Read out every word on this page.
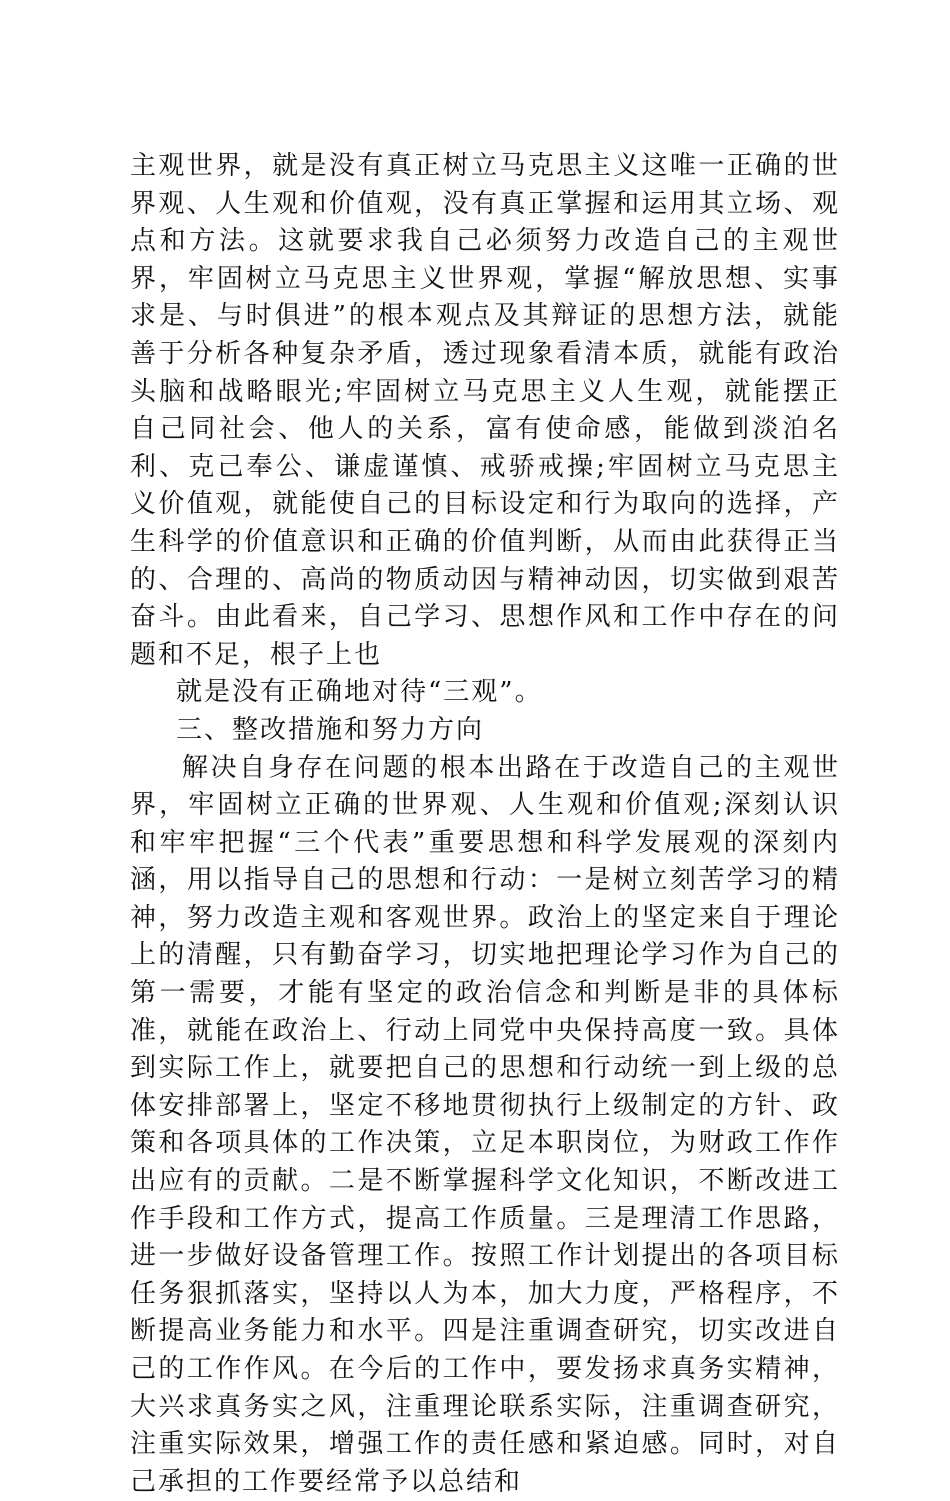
主观世界，就是没有真正树立马克思主义这唯一正确的世界观、人生观和价值观，没有真正掌握和运用其立场、观点和方法。这就要求我自己必须努力改造自己的主观世界，牢固树立马克思主义世界观，掌握“解放思想、实事求是、与时俱进”的根本观点及其辩证的思想方法，就能善于分析各种复杂矛盾，透过现象看清本质，就能有政治头脑和战略眼光;牢固树立马克思主义人生观，就能摆正自己同社会、他人的关系，富有使命感，能做到淡泊名利、克己奉公、谦虚谨慎、戒骄戒操;牢固树立马克思主义价值观，就能使自己的目标设定和行为取向的选择，产生科学的价值意识和正确的价值判断，从而由此获得正当的、合理的、高尚的物质动因与精神动因，切实做到艰苦奋斗。由此看来，自己学习、思想作风和工作中存在的问题和不足，根子上也

就是没有正确地对待“三观”。

三、整改措施和努力方向

解决自身存在问题的根本出路在于改造自己的主观世界，牢固树立正确的世界观、人生观和价值观;深刻认识和牢牢把握“三个代表”重要思想和科学发展观的深刻内涵，用以指导自己的思想和行动：一是树立刻苦学习的精神，努力改造主观和客观世界。政治上的坚定来自于理论上的清醒，只有勤奋学习，切实地把理论学习作为自己的第一需要，才能有坚定的政治信念和判断是非的具体标准，就能在政治上、行动上同党中央保持高度一致。具体到实际工作上，就要把自己的思想和行动统一到上级的总体安排部署上，坚定不移地贯彻执行上级制定的方针、政策和各项具体的工作决策，立足本职岗位，为财政工作作出应有的贡献。二是不断掌握科学文化知识，不断改进工作手段和工作方式，提高工作质量。三是理清工作思路，进一步做好设备管理工作。按照工作计划提出的各项目标任务狠抓落实，坚持以人为本，加大力度，严格程序，不断提高业务能力和水平。四是注重调查研究，切实改进自己的工作作风。在今后的工作中，要发扬求真务实精神，大兴求真务实之风，注重理论联系实际，注重调查研究，注重实际效果，增强工作的责任感和紧迫感。同时，对自己承担的工作要经常予以总结和
